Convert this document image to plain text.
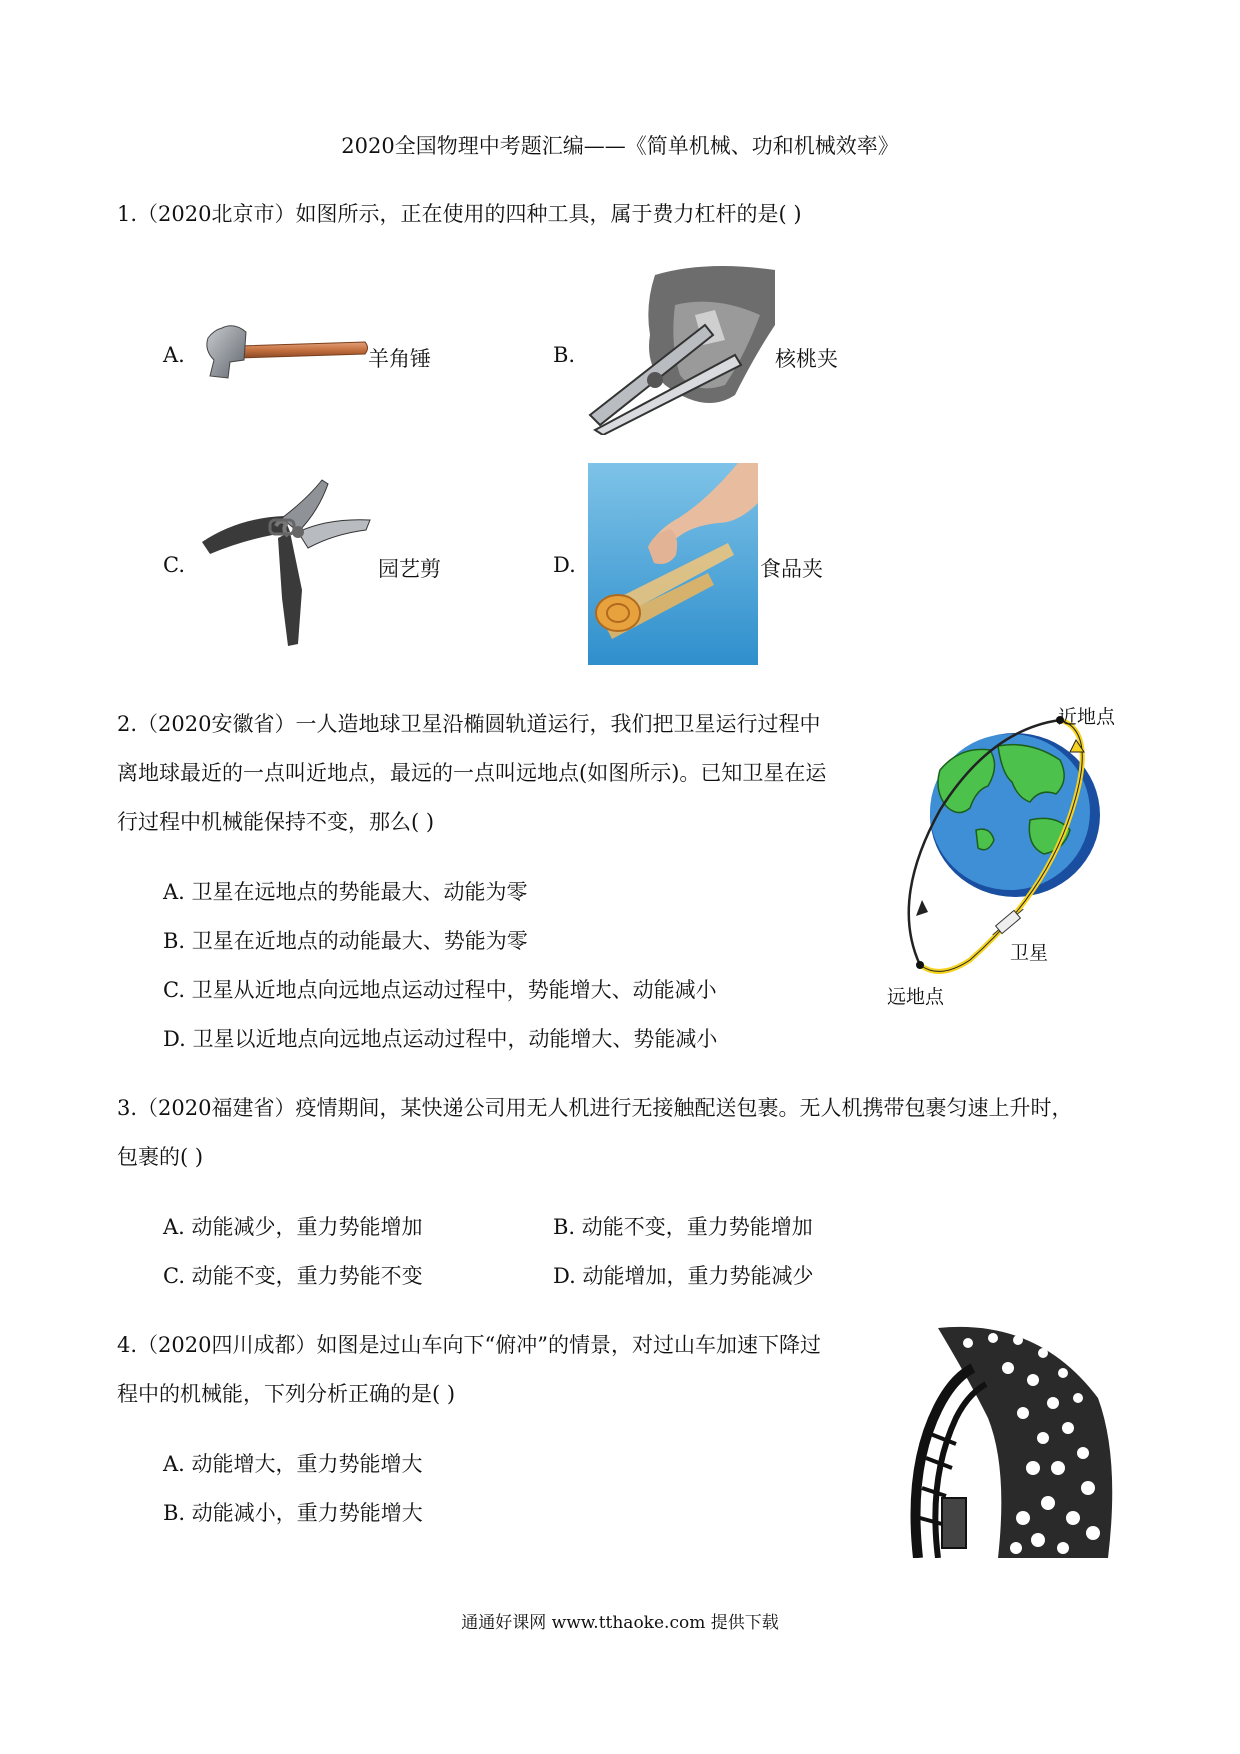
2020全国物理中考题汇编——《简单机械、功和机械效率》
1.（2020北京市）如图所示，正在使用的四种工具，属于费力杠杆的是( )
A.	羊角锤	B.	核桃夹
C.	园艺剪	D.	食品夹
2.（2020安徽省）一人造地球卫星沿椭圆轨道运行，我们把卫星运行过程中
离地球最近的一点叫近地点，最远的一点叫远地点(如图所示)。已知卫星在运
行过程中机械能保持不变，那么( )
A. 卫星在远地点的势能最大、动能为零
B. 卫星在近地点的动能最大、势能为零
C. 卫星从近地点向远地点运动过程中，势能增大、动能减小
D. 卫星以近地点向远地点运动过程中，动能增大、势能减小
近地点
远地点
卫星
3.（2020福建省）疫情期间，某快递公司用无人机进行无接触配送包裹。无人机携带包裹匀速上升时，
包裹的( )
A. 动能减少，重力势能增加	B. 动能不变，重力势能增加
C. 动能不变，重力势能不变	D. 动能增加，重力势能减少
4.（2020四川成都）如图是过山车向下“俯冲”的情景，对过山车加速下降过
程中的机械能，下列分析正确的是( )
A. 动能增大，重力势能增大
B. 动能减小，重力势能增大
通通好课网 www.tthaoke.com 提供下载
